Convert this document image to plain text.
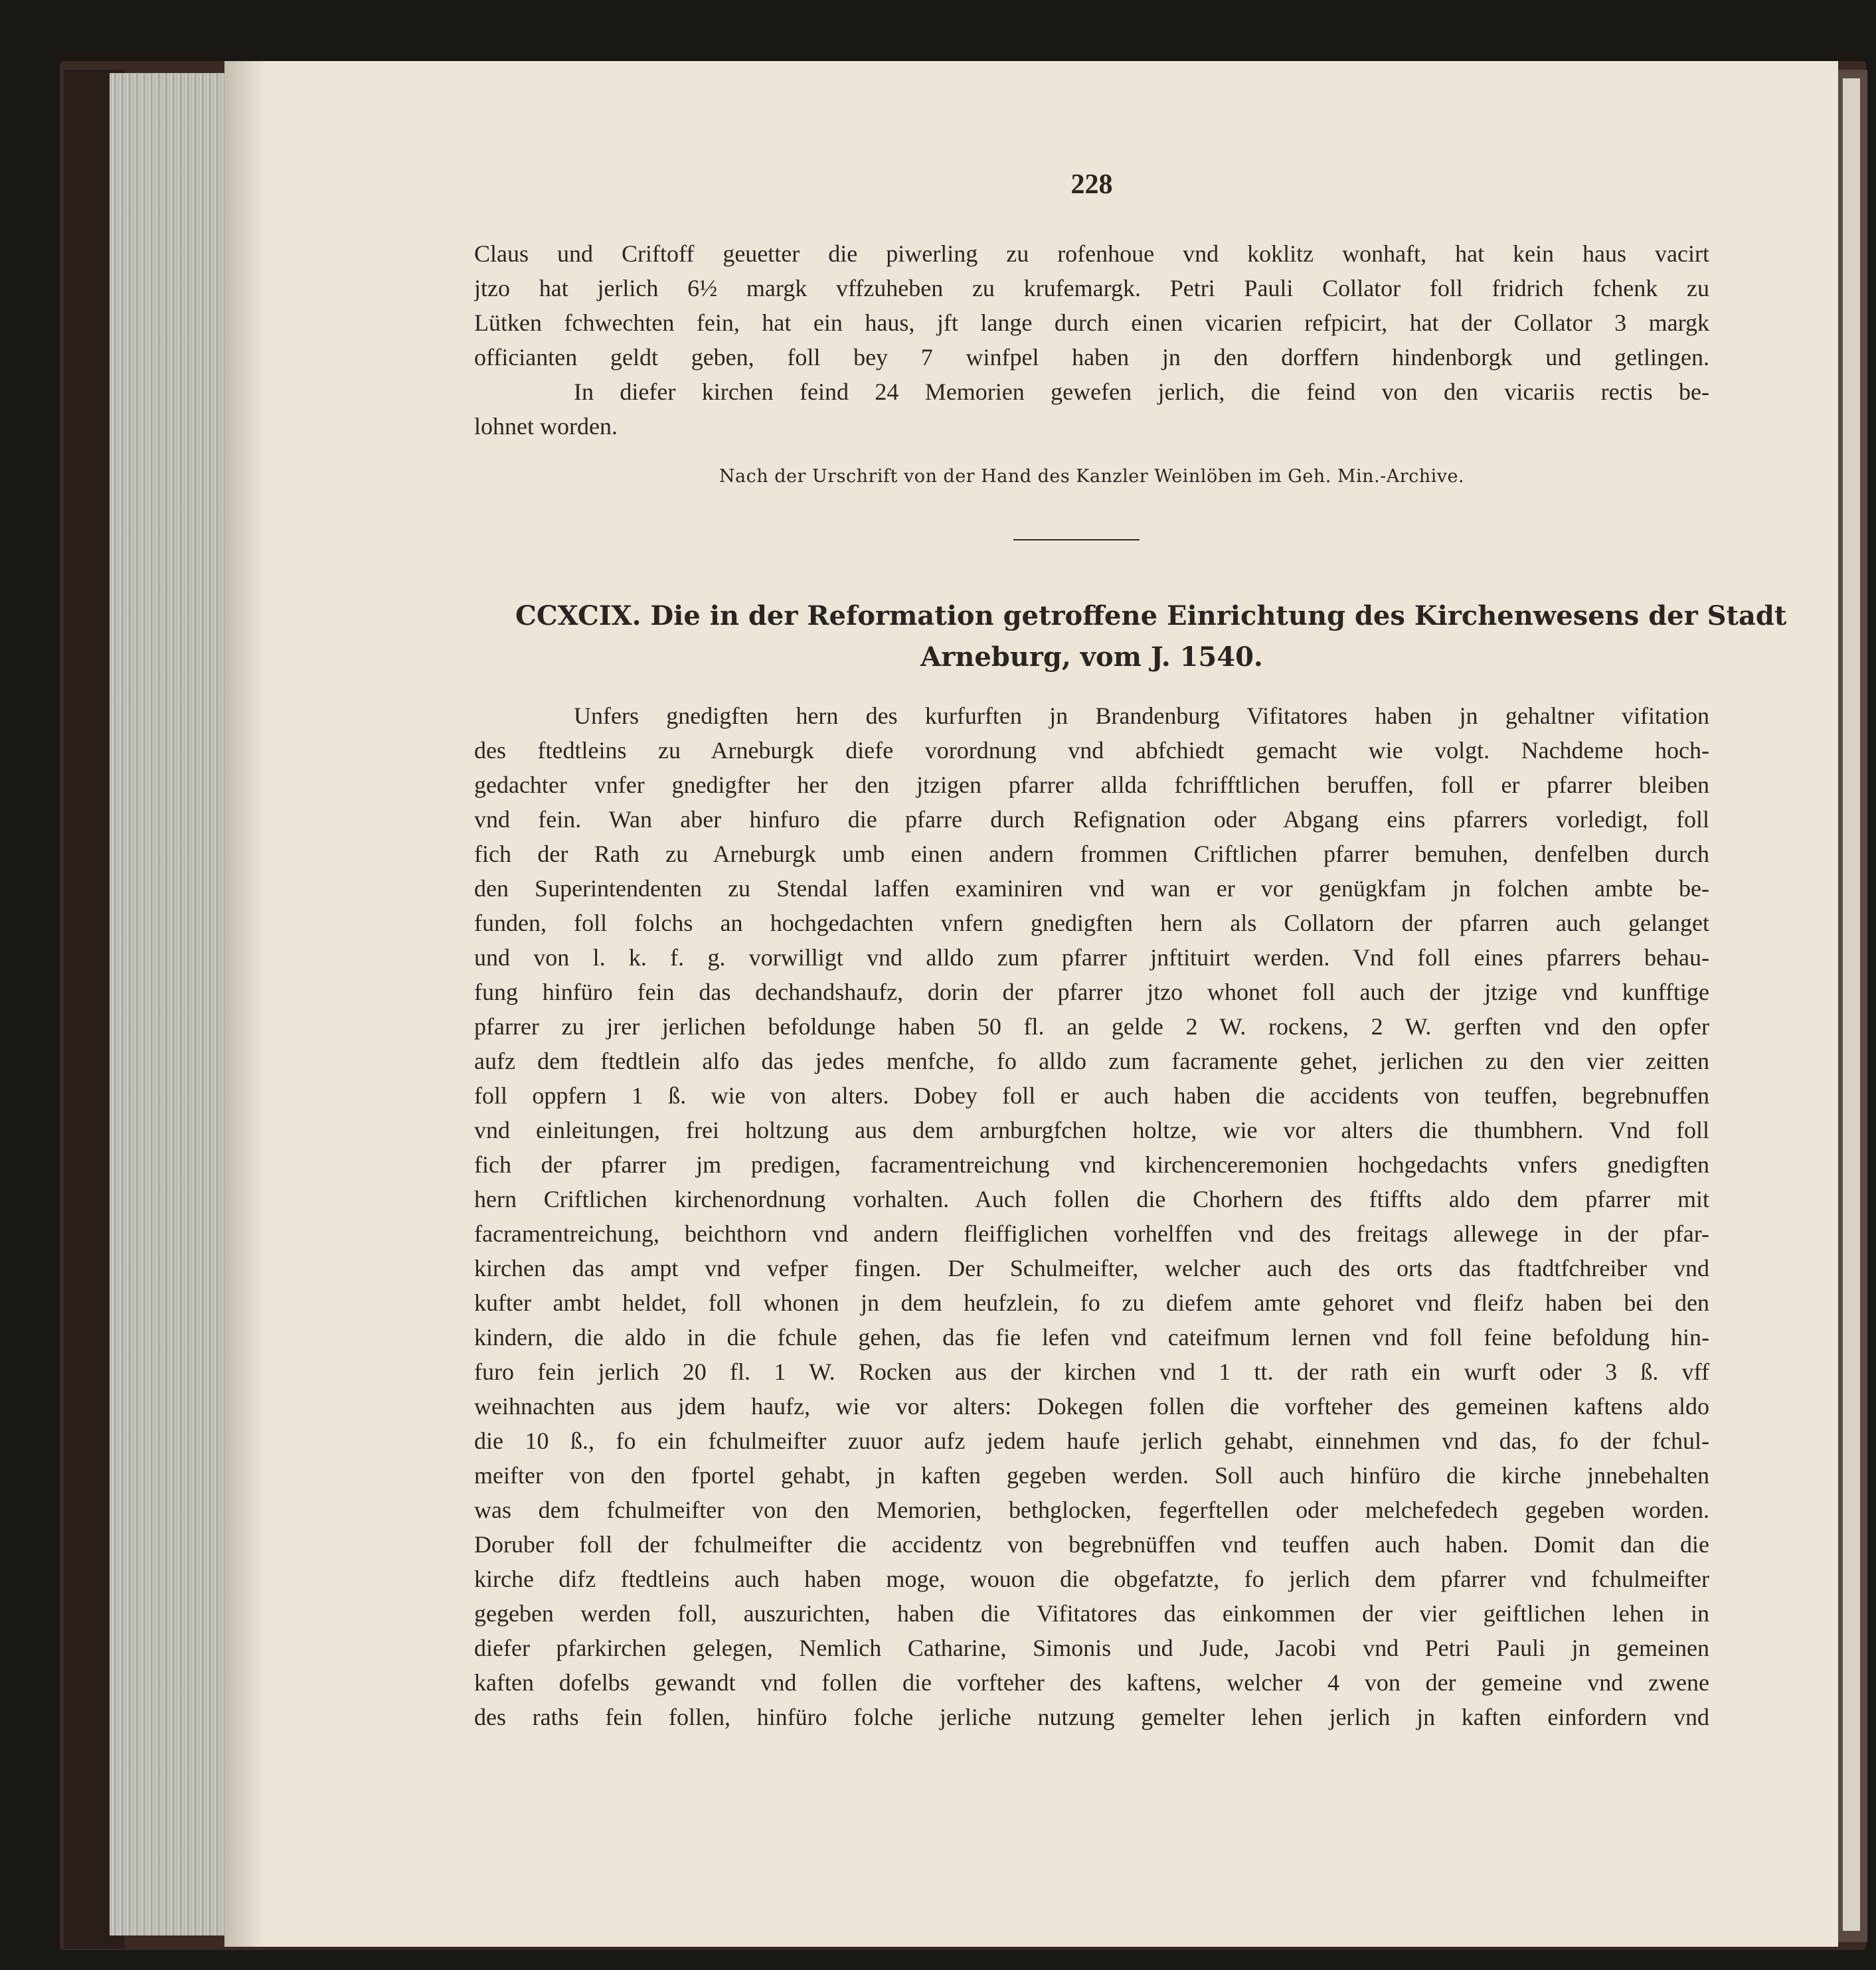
228
Claus und Criftoff geuetter die piwerling zu rofenhoue vnd koklitz wonhaft, hat kein haus vacirt
jtzo hat jerlich 6½ margk vffzuheben zu krufemargk. Petri Pauli Collator foll fridrich fchenk zu
Lütken fchwechten fein, hat ein haus, jft lange durch einen vicarien refpicirt, hat der Collator 3 margk
officianten geldt geben, foll bey 7 winfpel haben jn den dorffern hindenborgk und getlingen.
In diefer kirchen feind 24 Memorien gewefen jerlich, die feind von den vicariis rectis be-
lohnet worden.
Nach der Urschrift von der Hand des Kanzler Weinlöben im Geh. Min.-Archive.
CCXCIX. Die in der Reformation getroffene Einrichtung des Kirchenwesens der Stadt
Arneburg, vom J. 1540.
Unfers gnedigften hern des kurfurften jn Brandenburg Vifitatores haben jn gehaltner vifitation
des ftedtleins zu Arneburgk diefe vorordnung vnd abfchiedt gemacht wie volgt. Nachdeme hoch-
gedachter vnfer gnedigfter her den jtzigen pfarrer allda fchrifftlichen beruffen, foll er pfarrer bleiben
vnd fein. Wan aber hinfuro die pfarre durch Refignation oder Abgang eins pfarrers vorledigt, foll
fich der Rath zu Arneburgk umb einen andern frommen Criftlichen pfarrer bemuhen, denfelben durch
den Superintendenten zu Stendal laffen examiniren vnd wan er vor genügkfam jn folchen ambte be-
funden, foll folchs an hochgedachten vnfern gnedigften hern als Collatorn der pfarren auch gelanget
und von l. k. f. g. vorwilligt vnd alldo zum pfarrer jnftituirt werden. Vnd foll eines pfarrers behau-
fung hinfüro fein das dechandshaufz, dorin der pfarrer jtzo whonet foll auch der jtzige vnd kunfftige
pfarrer zu jrer jerlichen befoldunge haben 50 fl. an gelde 2 W. rockens, 2 W. gerften vnd den opfer
aufz dem ftedtlein alfo das jedes menfche, fo alldo zum facramente gehet, jerlichen zu den vier zeitten
foll oppfern 1 ß. wie von alters. Dobey foll er auch haben die accidents von teuffen, begrebnuffen
vnd einleitungen, frei holtzung aus dem arnburgfchen holtze, wie vor alters die thumbhern. Vnd foll
fich der pfarrer jm predigen, facramentreichung vnd kirchenceremonien hochgedachts vnfers gnedigften
hern Criftlichen kirchenordnung vorhalten. Auch follen die Chorhern des ftiffts aldo dem pfarrer mit
facramentreichung, beichthorn vnd andern fleiffiglichen vorhelffen vnd des freitags allewege in der pfar-
kirchen das ampt vnd vefper fingen. Der Schulmeifter, welcher auch des orts das ftadtfchreiber vnd
kufter ambt heldet, foll whonen jn dem heufzlein, fo zu diefem amte gehoret vnd fleifz haben bei den
kindern, die aldo in die fchule gehen, das fie lefen vnd cateifmum lernen vnd foll feine befoldung hin-
furo fein jerlich 20 fl. 1 W. Rocken aus der kirchen vnd 1 tt. der rath ein wurft oder 3 ß. vff
weihnachten aus jdem haufz, wie vor alters: Dokegen follen die vorfteher des gemeinen kaftens aldo
die 10 ß., fo ein fchulmeifter zuuor aufz jedem haufe jerlich gehabt, einnehmen vnd das, fo der fchul-
meifter von den fportel gehabt, jn kaften gegeben werden. Soll auch hinfüro die kirche jnnebehalten
was dem fchulmeifter von den Memorien, bethglocken, fegerftellen oder melchefedech gegeben worden.
Doruber foll der fchulmeifter die accidentz von begrebnüffen vnd teuffen auch haben. Domit dan die
kirche difz ftedtleins auch haben moge, wouon die obgefatzte, fo jerlich dem pfarrer vnd fchulmeifter
gegeben werden foll, auszurichten, haben die Vifitatores das einkommen der vier geiftlichen lehen in
diefer pfarkirchen gelegen, Nemlich Catharine, Simonis und Jude, Jacobi vnd Petri Pauli jn gemeinen
kaften dofelbs gewandt vnd follen die vorfteher des kaftens, welcher 4 von der gemeine vnd zwene
des raths fein follen, hinfüro folche jerliche nutzung gemelter lehen jerlich jn kaften einfordern vnd
